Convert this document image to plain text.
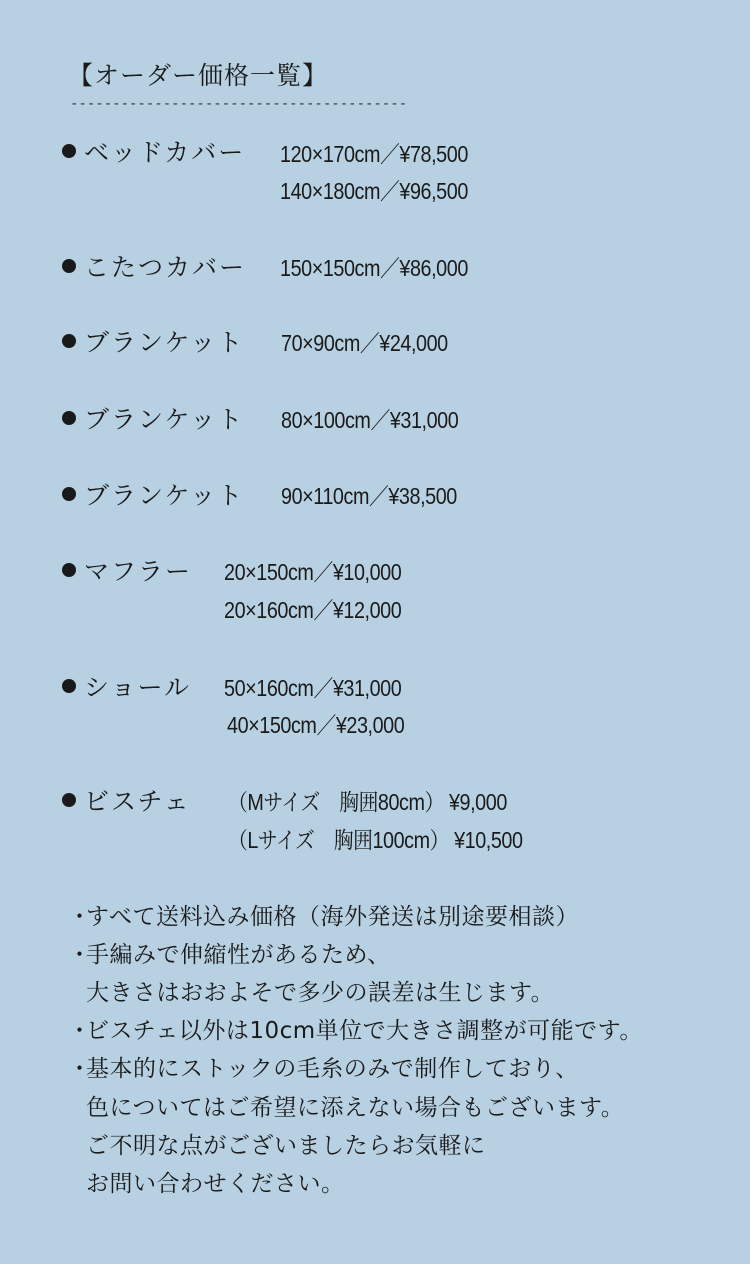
【オーダー価格一覧】
----------------------------------------
ベッドカバー 120×170cm／¥78,500
140×180cm／¥96,500
こたつカバー 150×150cm／¥86,000
ブランケット 70×90cm／¥24,000
ブランケット 80×100cm／¥31,000
ブランケット 90×110cm／¥38,500
マフラー 20×150cm／¥10,000
20×160cm／¥12,000
ショール 50×160cm／¥31,000
40×150cm／¥23,000
ビスチェ （Mサイズ　胸囲80cm） ¥9,000
（Lサイズ　胸囲100cm） ¥10,500
・すべて送料込み価格（海外発送は別途要相談）
・手編みで伸縮性があるため、
大きさはおおよそで多少の誤差は生じます。
・ビスチェ以外は10cm単位で大きさ調整が可能です。
・基本的にストックの毛糸のみで制作しており、
色についてはご希望に添えない場合もございます。
ご不明な点がございましたらお気軽に
お問い合わせください。
